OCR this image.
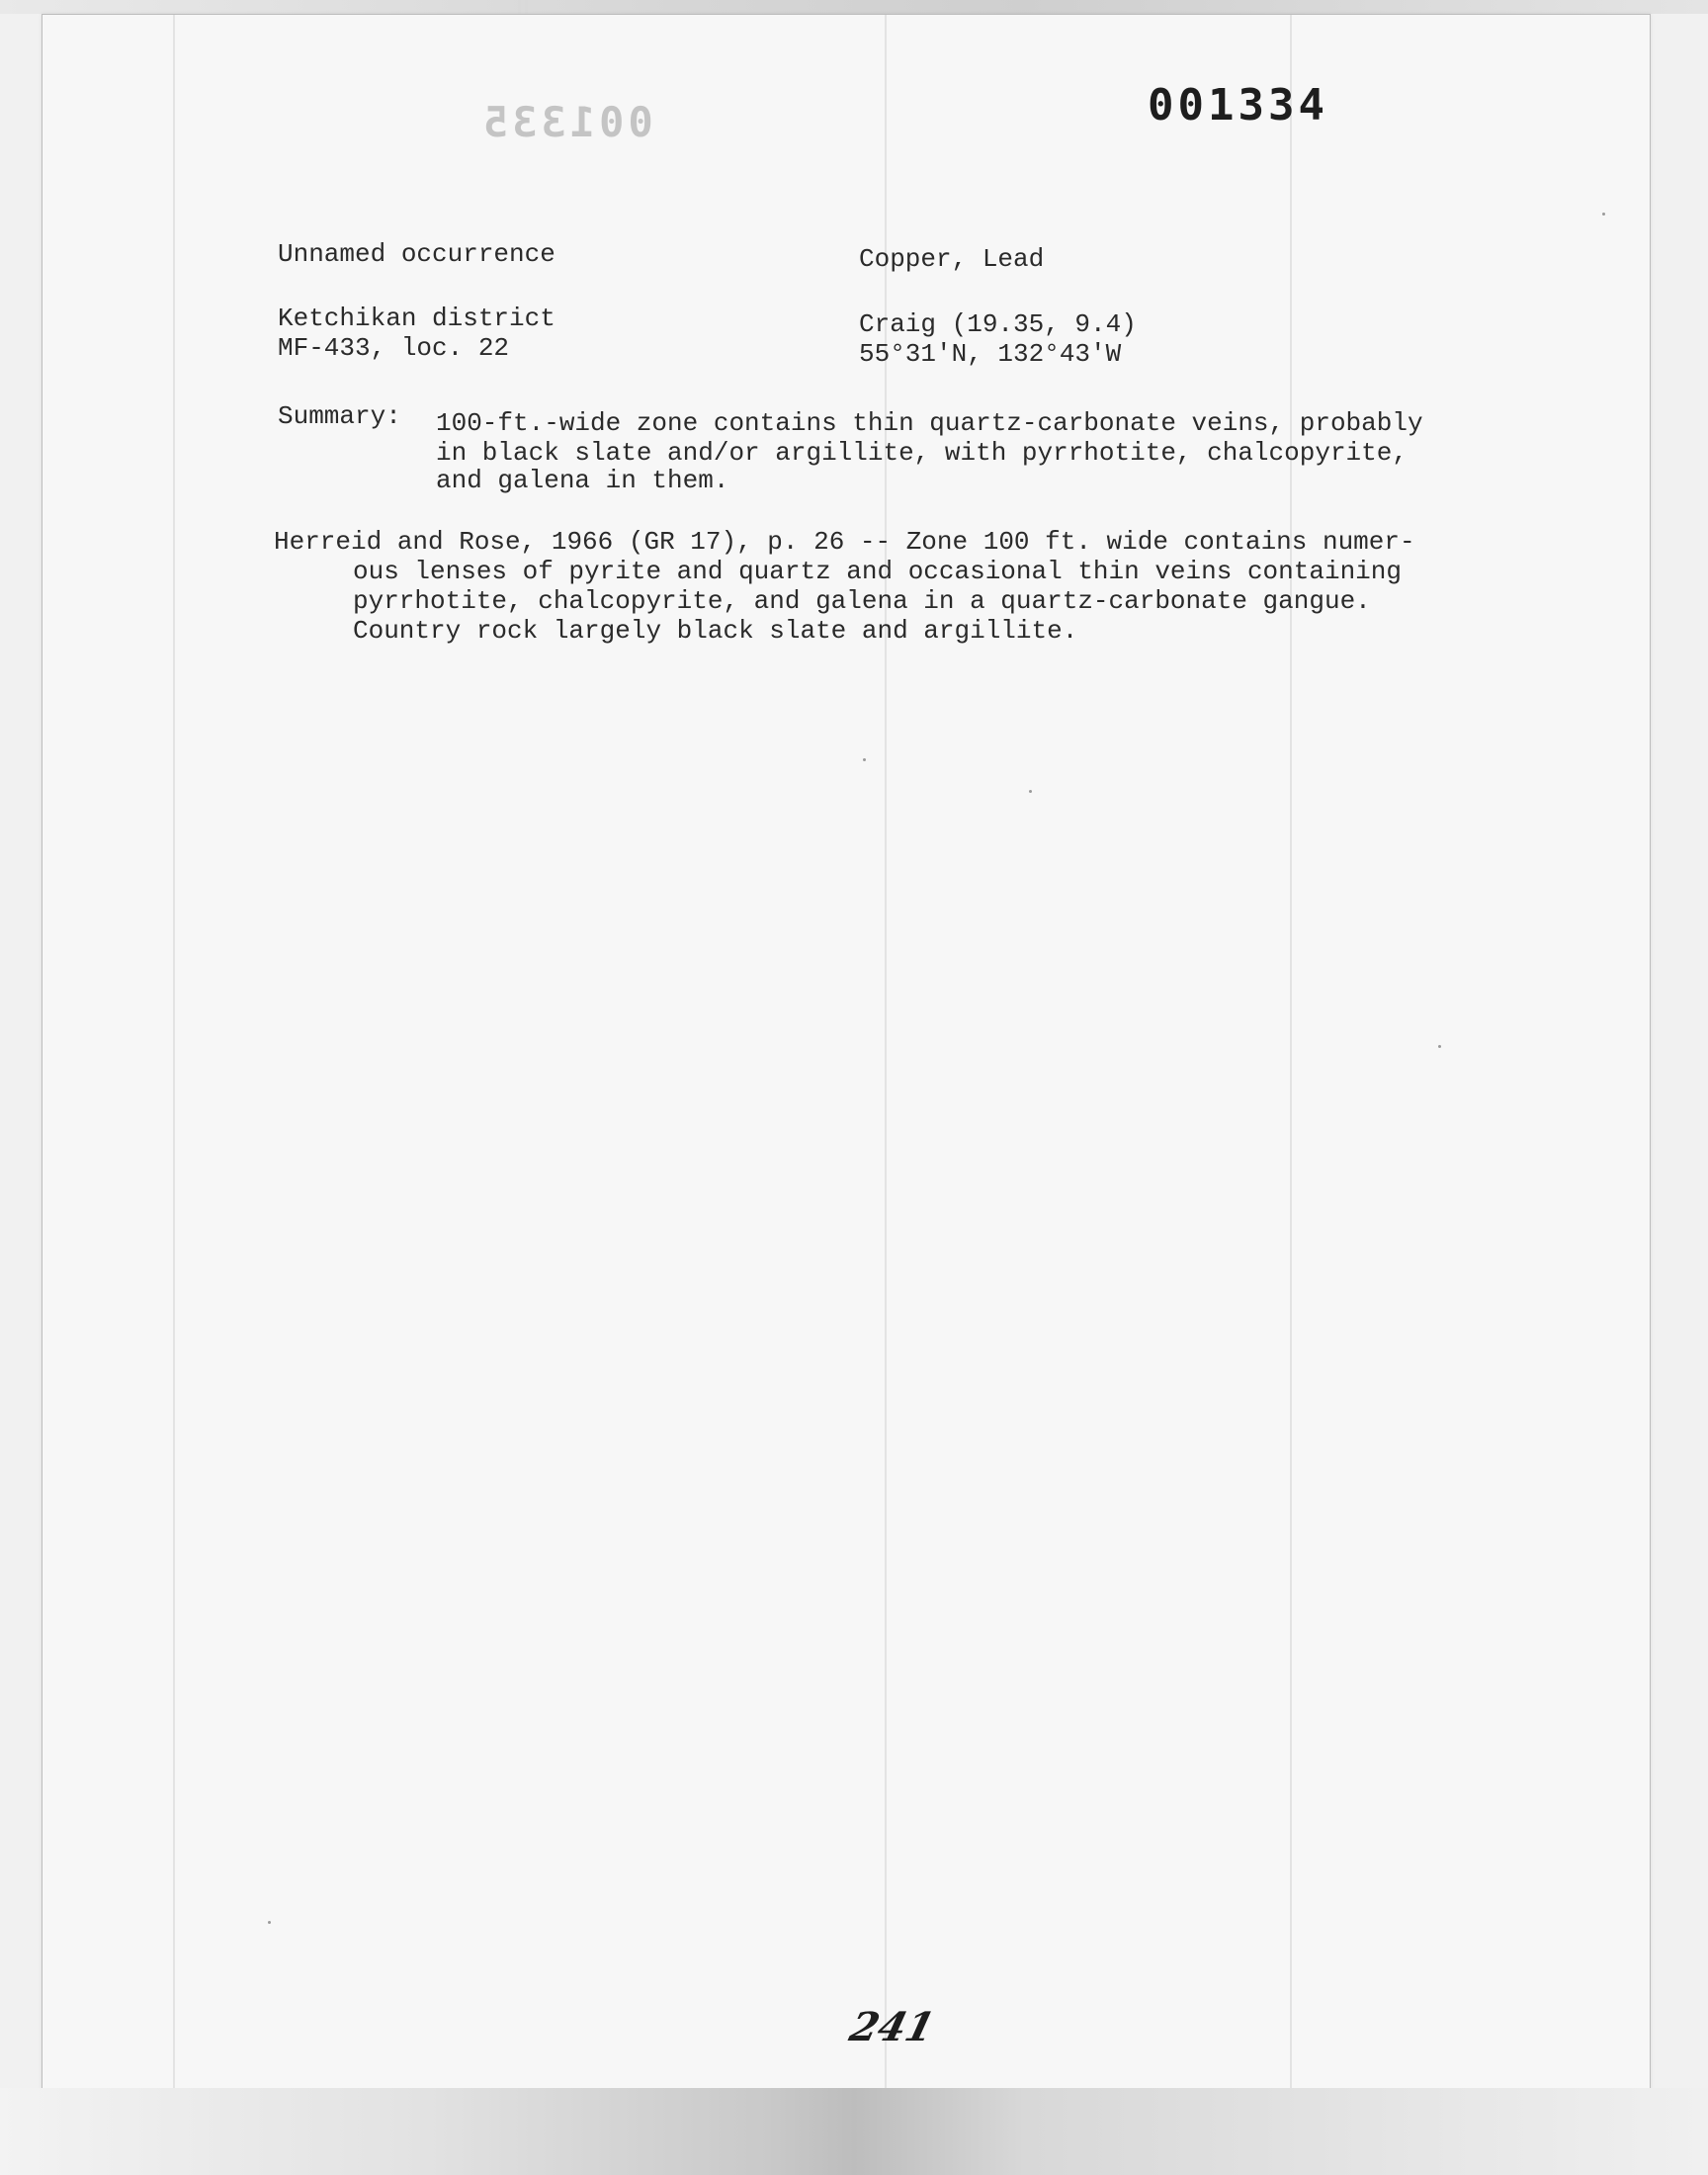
001335	001334
Unnamed occurrence
Ketchikan district
MF-433, loc. 22
Copper, Lead
Craig (19.35, 9.4)
55°31'N, 132°43'W
Summary: 100-ft.-wide zone contains thin quartz-carbonate veins, probably
in black slate and/or argillite, with pyrrhotite, chalcopyrite,
and galena in them.
Herreid and Rose, 1966 (GR 17), p. 26 -- Zone 100 ft. wide contains numer-
ous lenses of pyrite and quartz and occasional thin veins containing
pyrrhotite, chalcopyrite, and galena in a quartz-carbonate gangue.
Country rock largely black slate and argillite.
241
